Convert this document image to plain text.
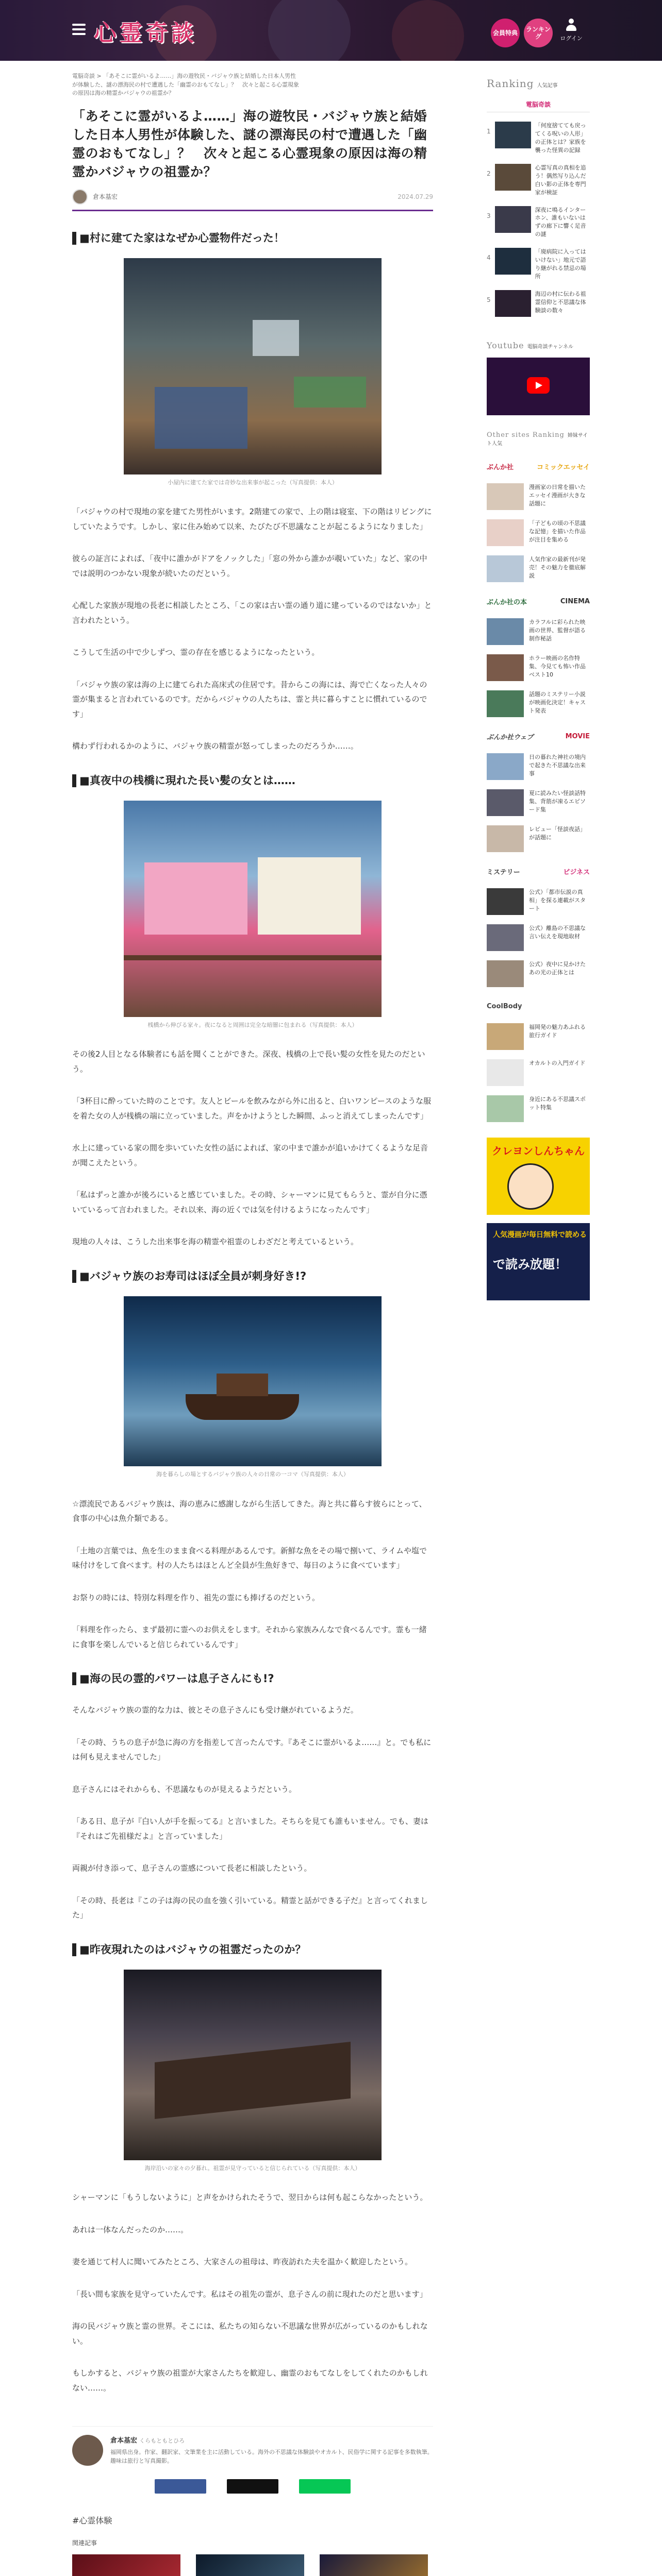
心霊奇談	会員特典
ランキング	ログイン
電脳奇談 > 「あそこに霊がいるよ……」海の遊牧民・バジャウ族と結婚した日本人男性が体験した、謎の漂海民の村で遭遇した「幽霊のおもてなし」？　次々と起こる心霊現象の原因は海の精霊かバジャウの祖霊か？
「あそこに霊がいるよ……」海の遊牧民・バジャウ族と結婚した日本人男性が体験した、謎の漂海民の村で遭遇した「幽霊のおもてなし」？　次々と起こる心霊現象の原因は海の精霊かバジャウの祖霊か？
倉本基宏	2024.07.29
■村に建てた家はなぜか心霊物件だった！
小屋内に建てた家では奇妙な出来事が起こった（写真提供：本人）

「バジャウの村で現地の家を建てた男性がいます。2階建ての家で、上の階は寝室、下の階はリビングにしていたようです。しかし、家に住み始めて以来、たびたび不思議なことが起こるようになりました」

彼らの証言によれば、「夜中に誰かがドアをノックした」「窓の外から誰かが覗いていた」など、家の中では説明のつかない現象が続いたのだという。

心配した家族が現地の長老に相談したところ、「この家は古い霊の通り道に建っているのではないか」と言われたという。

こうして生活の中で少しずつ、霊の存在を感じるようになったという。

「バジャウ族の家は海の上に建てられた高床式の住居です。昔からこの海には、海で亡くなった人々の霊が集まると言われているのです。だからバジャウの人たちは、霊と共に暮らすことに慣れているのです」

構わず行われるかのように、バジャウ族の精霊が怒ってしまったのだろうか……。

■真夜中の桟橋に現れた長い髪の女とは……
桟橋から伸びる家々。夜になると周囲は完全な暗闇に包まれる（写真提供：本人）

その後2人目となる体験者にも話を聞くことができた。深夜、桟橋の上で長い髪の女性を見たのだという。

「3杯目に酔っていた時のことです。友人とビールを飲みながら外に出ると、白いワンピースのような服を着た女の人が桟橋の端に立っていました。声をかけようとした瞬間、ふっと消えてしまったんです」

水上に建っている家の間を歩いていた女性の話によれば、家の中まで誰かが追いかけてくるような足音が聞こえたという。

「私はずっと誰かが後ろにいると感じていました。その時、シャーマンに見てもらうと、霊が自分に憑いているって言われました。それ以来、海の近くでは気を付けるようになったんです」

現地の人々は、こうした出来事を海の精霊や祖霊のしわざだと考えているという。

■バジャウ族のお寿司はほぼ全員が刺身好き!?
海を暮らしの場とするバジャウ族の人々の日常の一コマ（写真提供：本人）

☆漂流民であるバジャウ族は、海の恵みに感謝しながら生活してきた。海と共に暮らす彼らにとって、食事の中心は魚介類である。

「土地の言葉では、魚を生のまま食べる料理があるんです。新鮮な魚をその場で捌いて、ライムや塩で味付けをして食べます。村の人たちはほとんど全員が生魚好きで、毎日のように食べています」

お祭りの時には、特別な料理を作り、祖先の霊にも捧げるのだという。

「料理を作ったら、まず最初に霊へのお供えをします。それから家族みんなで食べるんです。霊も一緒に食事を楽しんでいると信じられているんです」

■海の民の霊的パワーは息子さんにも!?

そんなバジャウ族の霊的な力は、彼とその息子さんにも受け継がれているようだ。

「その時、うちの息子が急に海の方を指差して言ったんです。『あそこに霊がいるよ……』と。でも私には何も見えませんでした」

息子さんにはそれからも、不思議なものが見えるようだという。

「ある日、息子が『白い人が手を振ってる』と言いました。そちらを見ても誰もいません。でも、妻は『それはご先祖様だよ』と言っていました」

両親が付き添って、息子さんの霊感について長老に相談したという。

「その時、長老は『この子は海の民の血を強く引いている。精霊と話ができる子だ』と言ってくれました」

■昨夜現れたのはバジャウの祖霊だったのか？
海岸沿いの家々の夕暮れ。祖霊が見守っていると信じられている（写真提供：本人）

シャーマンに「もうしないように」と声をかけられたそうで、翌日からは何も起こらなかったという。

あれは一体なんだったのか……。

妻を通じて村人に聞いてみたところ、大家さんの祖母は、昨夜訪れた夫を温かく歓迎したという。

「長い間も家族を見守っていたんです。私はその祖先の霊が、息子さんの前に現れたのだと思います」

海の民バジャウ族と霊の世界。そこには、私たちの知らない不思議な世界が広がっているのかもしれない。

もしかすると、バジャウ族の祖霊が大家さんたちを歓迎し、幽霊のおもてなしをしてくれたのかもしれない……。

倉本基宏 くらもともとひろ
福岡県出身。作家、翻訳家、文筆業を主に活動している。海外の不思議な体験談やオカルト、民俗学に関する記事を多数執筆。趣味は旅行と写真撮影。
#心霊体験
関連記事
Ranking 人気記事
電脳奇談
1
「何度捨てても戻ってくる呪いの人形」の正体とは？家族を襲った怪異の記録
2
心霊写真の真相を追う！偶然写り込んだ白い影の正体を専門家が検証
3
深夜に鳴るインターホン、誰もいないはずの廊下に響く足音の謎
4
「廃病院に入ってはいけない」地元で語り継がれる禁忌の場所
5
海辺の村に伝わる祖霊信仰と不思議な体験談の数々
Youtube 電脳奇談チャンネル
Other sites Ranking 姉妹サイト人気
ぶんか社	コミックエッセイ
漫画家の日常を描いたエッセイ漫画が大きな話題に
「子どもの頃の不思議な記憶」を描いた作品が注目を集める
人気作家の最新刊が発売！その魅力を徹底解説
ぶんか社の本	CINEMA
カラフルに彩られた映画の世界、監督が語る制作秘話
ホラー映画の名作特集、今見ても怖い作品ベスト10
話題のミステリー小説が映画化決定！キャスト発表
ぶんか社ウェブ	MOVIE
日の暮れた神社の境内で起きた不思議な出来事
夏に読みたい怪談話特集、背筋が凍るエピソード集
レビュー「怪談夜話」が話題に
ミステリー	ビジネス
公式）「都市伝説の真相」を探る連載がスタート
公式）離島の不思議な言い伝えを現地取材
公式）夜中に見かけたあの光の正体とは
CoolBody
福岡発の魅力あふれる旅行ガイド
オカルトの入門ガイド
身近にある不思議スポット特集
クレヨンしんちゃん
人気漫画が毎日無料で読める
で読み放題！
